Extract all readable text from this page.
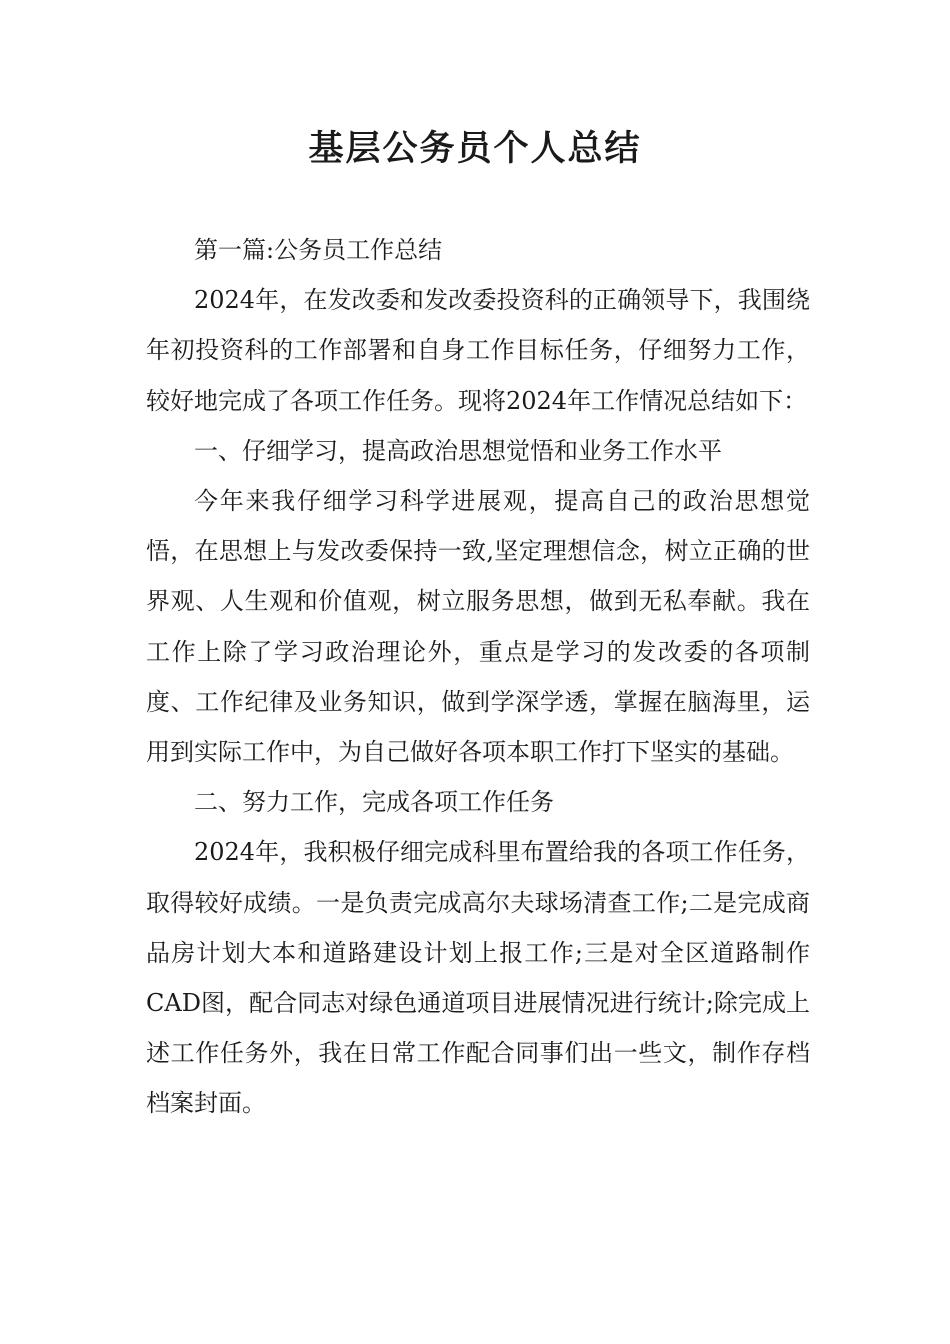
基层公务员个人总结

第一篇:公务员工作总结

2024年，在发改委和发改委投资科的正确领导下，我围绕年初投资科的工作部署和自身工作目标任务，仔细努力工作，较好地完成了各项工作任务。现将2024年工作情况总结如下：

一、仔细学习，提高政治思想觉悟和业务工作水平

今年来我仔细学习科学进展观，提高自己的政治思想觉悟，在思想上与发改委保持一致,坚定理想信念，树立正确的世界观、人生观和价值观，树立服务思想，做到无私奉献。我在工作上除了学习政治理论外，重点是学习的发改委的各项制度、工作纪律及业务知识，做到学深学透，掌握在脑海里，运用到实际工作中，为自己做好各项本职工作打下坚实的基础。

二、努力工作，完成各项工作任务

2024年，我积极仔细完成科里布置给我的各项工作任务，取得较好成绩。一是负责完成高尔夫球场清查工作;二是完成商品房计划大本和道路建设计划上报工作;三是对全区道路制作CAD图，配合同志对绿色通道项目进展情况进行统计;除完成上述工作任务外，我在日常工作配合同事们出一些文，制作存档档案封面。
